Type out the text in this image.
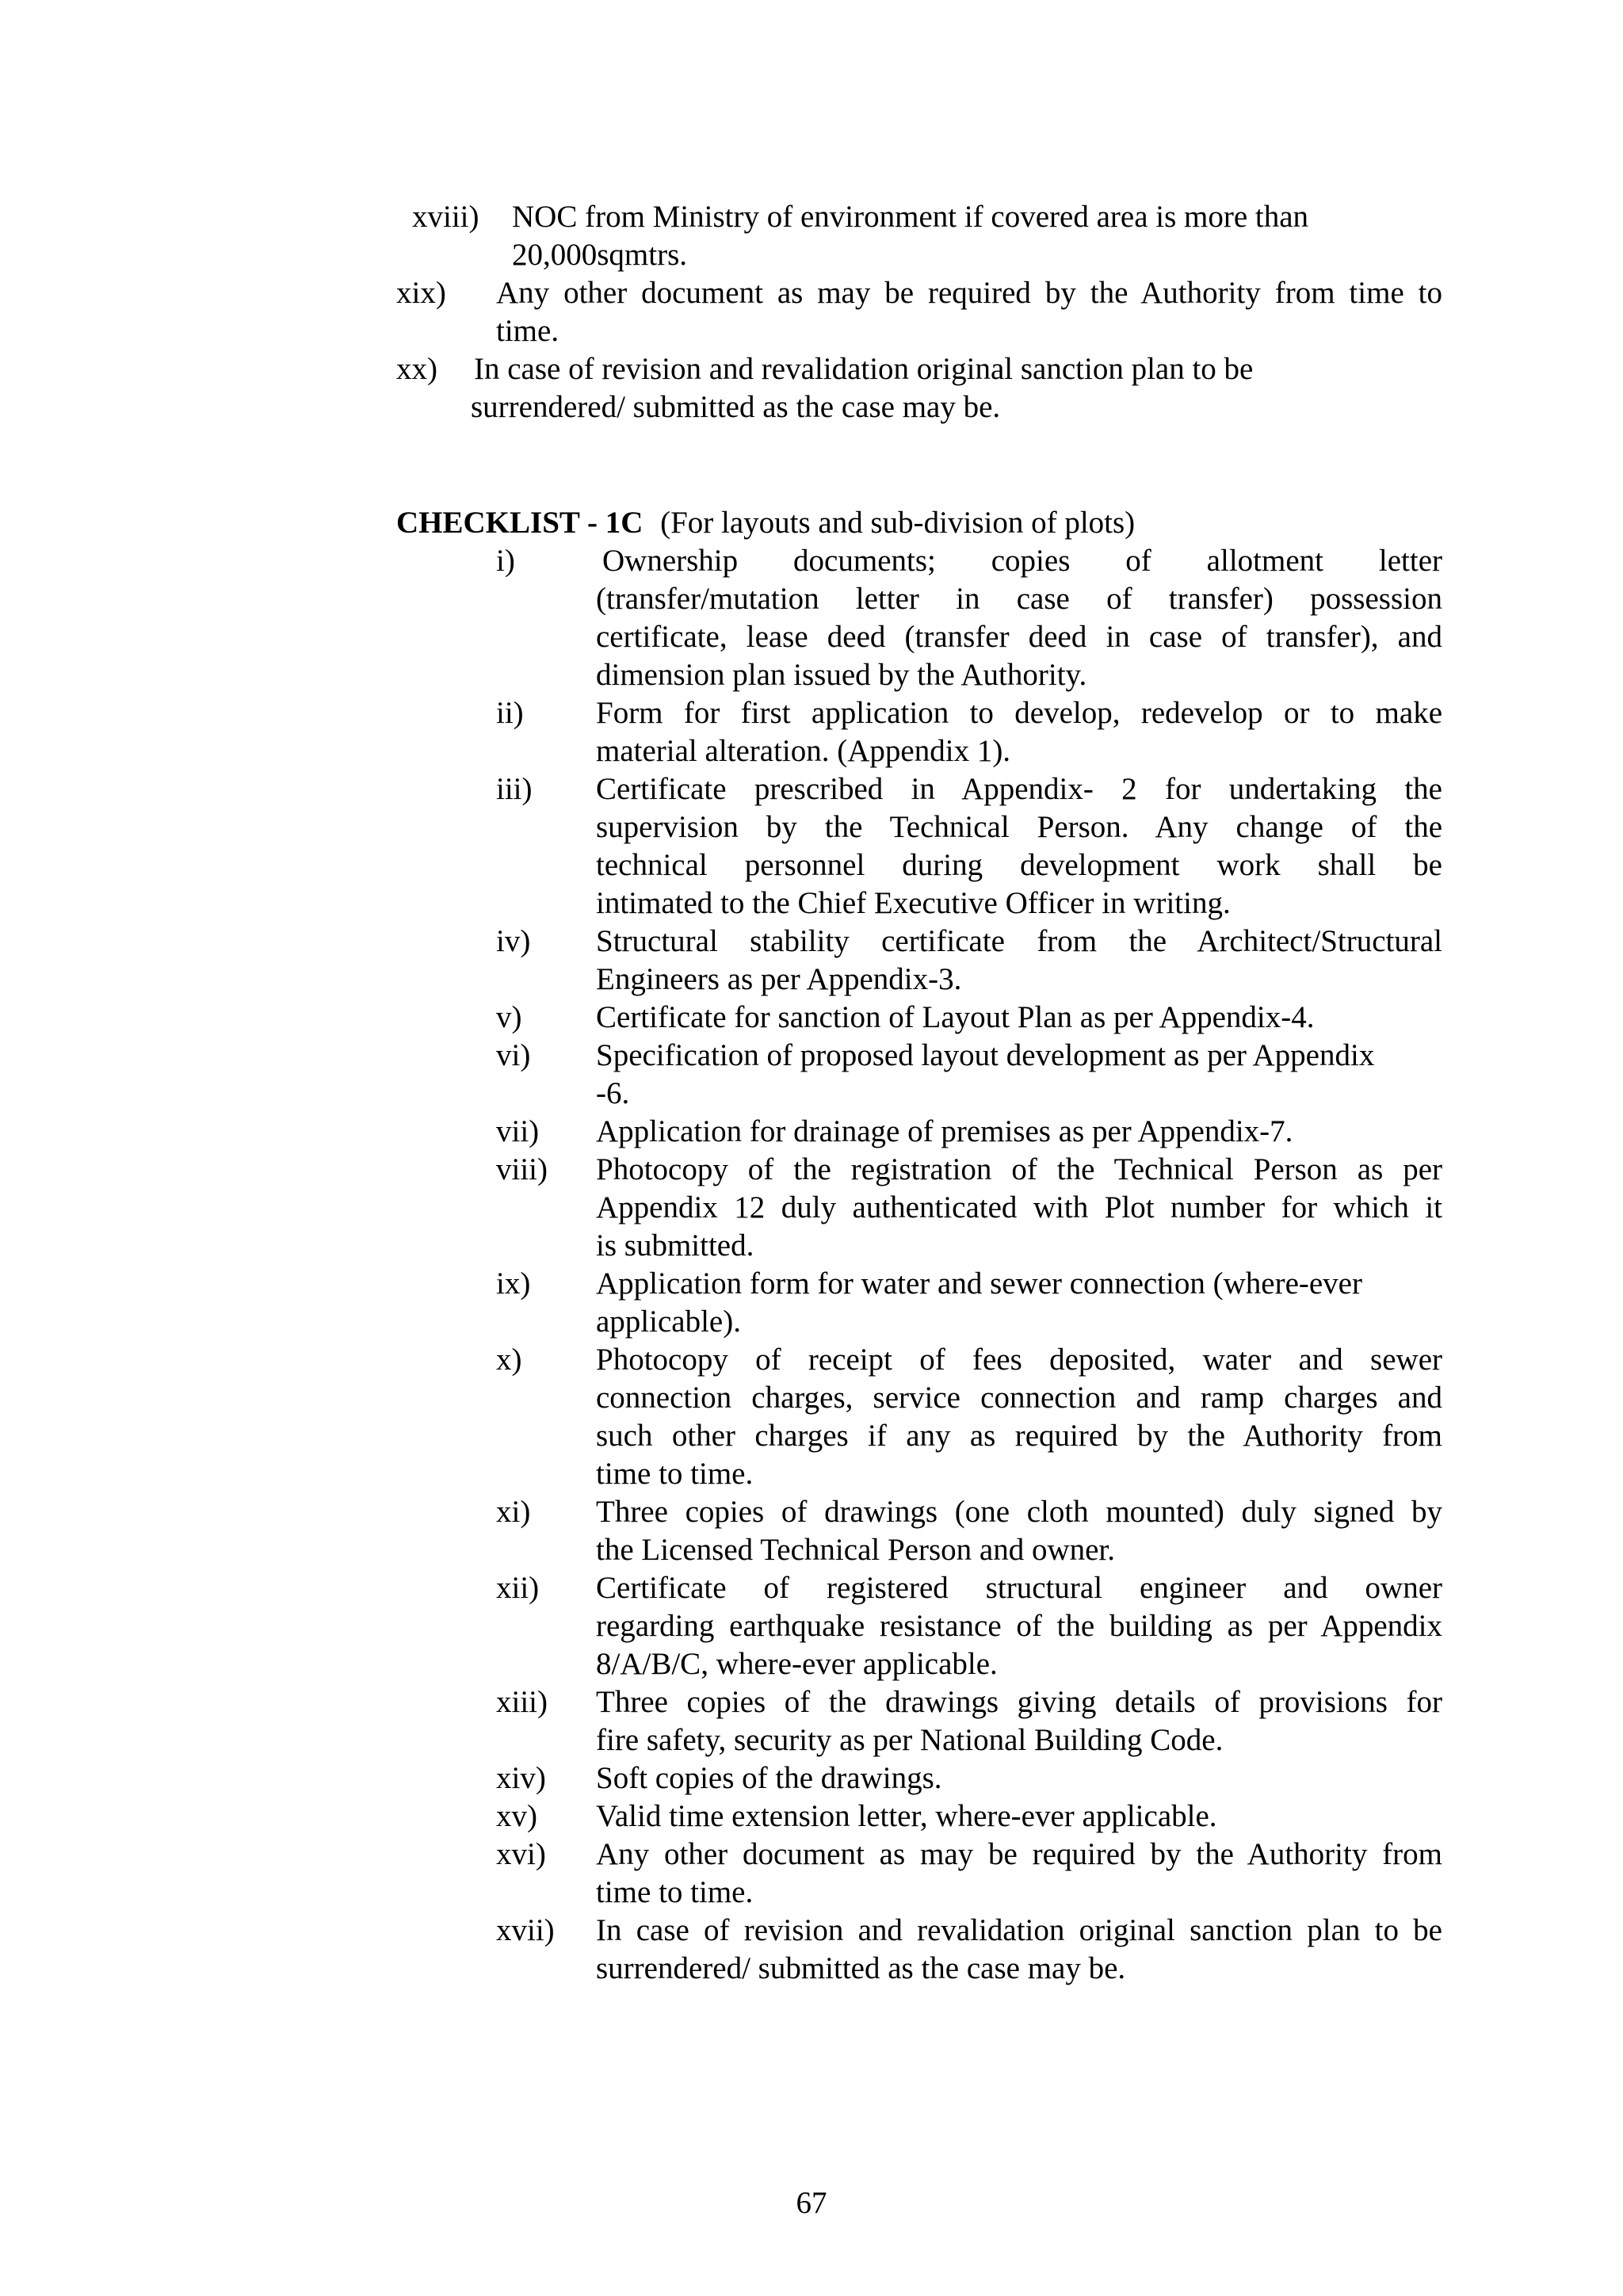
xviii) NOC from Ministry of environment if covered area is more than
20,000sqmtrs.
xix) Any other document as may be required by the Authority from time to
time.
xx) In case of revision and revalidation original sanction plan to be
surrendered/ submitted as the case may be.
CHECKLIST - 1C (For layouts and sub-division of plots)
i)	Ownership documents; copies of allotment letter
(transfer/mutation letter in case of transfer) possession
certificate, lease deed (transfer deed in case of transfer), and
dimension plan issued by the Authority.
ii) Form for first application to develop, redevelop or to make
material alteration. (Appendix 1).
iii) Certificate prescribed in Appendix- 2 for undertaking the
supervision by the Technical Person. Any change of the
technical personnel during development work shall be
intimated to the Chief Executive Officer in writing.
iv) Structural stability certificate from the Architect/Structural
Engineers as per Appendix-3.
v) Certificate for sanction of Layout Plan as per Appendix-4.
vi) Specification of proposed layout development as per Appendix
-6.
vii) Application for drainage of premises as per Appendix-7.
viii) Photocopy of the registration of the Technical Person as per
Appendix 12 duly authenticated with Plot number for which it
is submitted.
ix) Application form for water and sewer connection (where-ever
applicable).
x) Photocopy of receipt of fees deposited, water and sewer
connection charges, service connection and ramp charges and
such other charges if any as required by the Authority from
time to time.
xi) Three copies of drawings (one cloth mounted) duly signed by
the Licensed Technical Person and owner.
xii) Certificate of registered structural engineer and owner
regarding earthquake resistance of the building as per Appendix
8/A/B/C, where-ever applicable.
xiii) Three copies of the drawings giving details of provisions for
fire safety, security as per National Building Code.
xiv) Soft copies of the drawings.
xv) Valid time extension letter, where-ever applicable.
xvi) Any other document as may be required by the Authority from
time to time.
xvii) In case of revision and revalidation original sanction plan to be
surrendered/ submitted as the case may be.
67
